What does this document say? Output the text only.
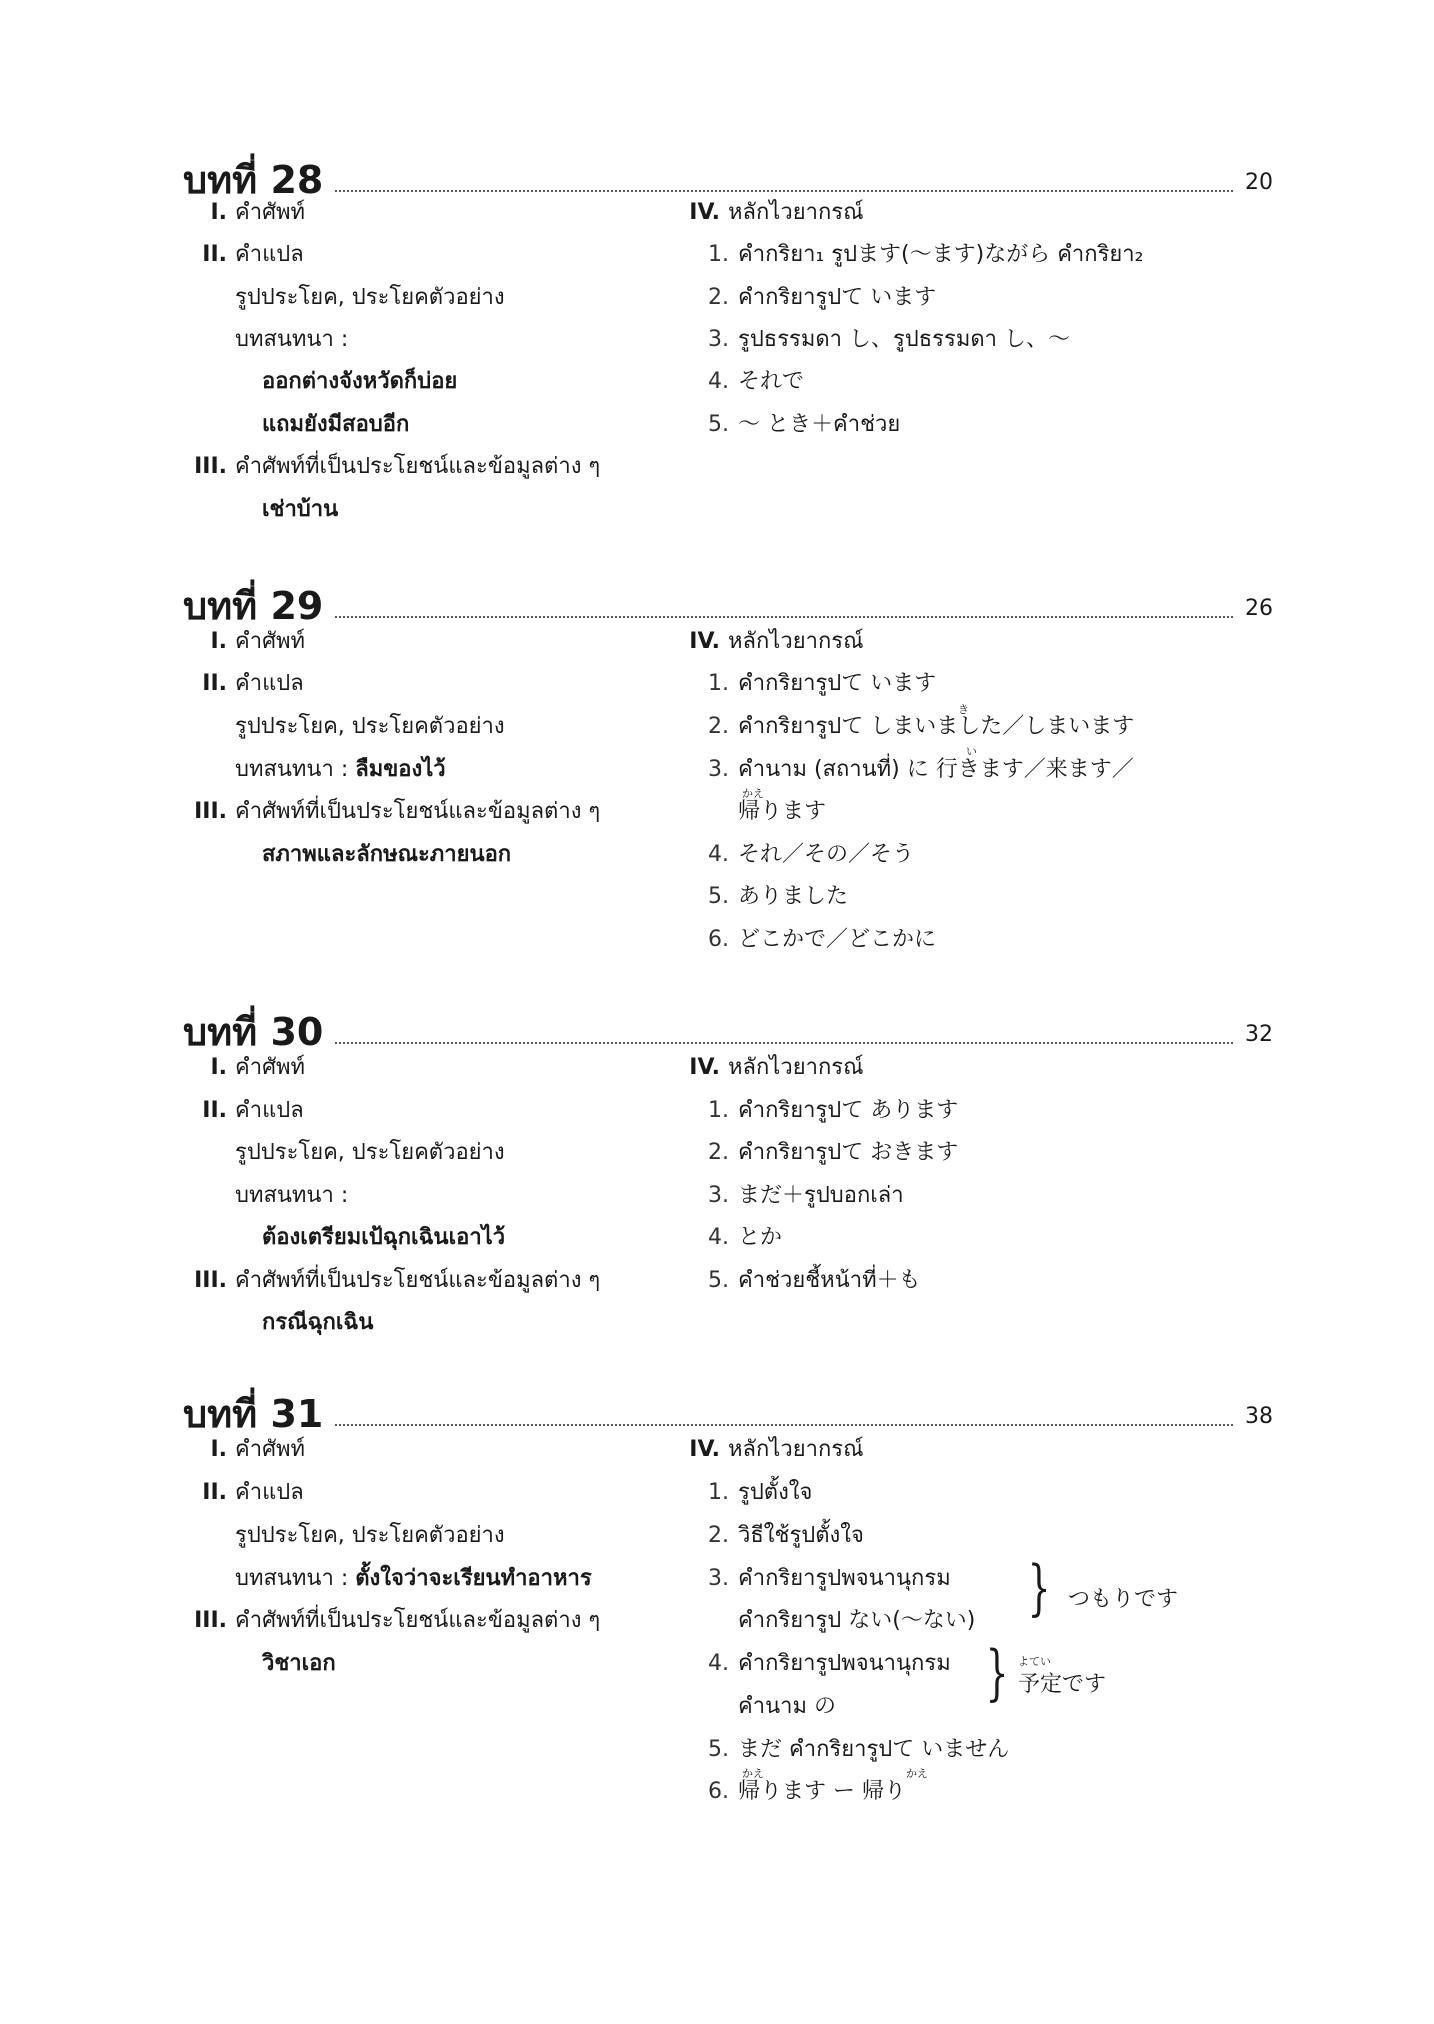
บทที่ 28	20
I. คำศัพท์
II. คำแปล
รูปประโยค, ประโยคตัวอย่าง
บทสนทนา :
ออกต่างจังหวัดก็บ่อย
แถมยังมีสอบอีก
III. คำศัพท์ที่เป็นประโยชน์และข้อมูลต่าง ๆ
เช่าบ้าน
IV. หลักไวยากรณ์
1. คำกริยา₁ รูปます(〜ます)ながら คำกริยา₂
2. คำกริยารูปて います
3. รูปธรรมดา し、รูปธรรมดา し、〜
4. それで
5. 〜 とき＋คำช่วย
บทที่ 29	26
I. คำศัพท์
II. คำแปล
รูปประโยค, ประโยคตัวอย่าง
บทสนทนา : ลืมของไว้
III. คำศัพท์ที่เป็นประโยชน์และข้อมูลต่าง ๆ
สภาพและลักษณะภายนอก
IV. หลักไวยากรณ์
1. คำกริยารูปて います
2. คำกริยารูปて しまいました／しまいます
き
3. คำนาม (สถานที่) に 行きます／来ます／
い
帰ります
かえ
4. それ／その／そう
5. ありました
6. どこかで／どこかに
บทที่ 30	32
I. คำศัพท์
II. คำแปล
รูปประโยค, ประโยคตัวอย่าง
บทสนทนา :
ต้องเตรียมเป้ฉุกเฉินเอาไว้
III. คำศัพท์ที่เป็นประโยชน์และข้อมูลต่าง ๆ
กรณีฉุกเฉิน
IV. หลักไวยากรณ์
1. คำกริยารูปて あります
2. คำกริยารูปて おきます
3. まだ＋รูปบอกเล่า
4. とか
5. คำช่วยชี้หน้าที่＋も
บทที่ 31	38
I. คำศัพท์
II. คำแปล
รูปประโยค, ประโยคตัวอย่าง
บทสนทนา : ตั้งใจว่าจะเรียนทำอาหาร
III. คำศัพท์ที่เป็นประโยชน์และข้อมูลต่าง ๆ
วิชาเอก
IV. หลักไวยากรณ์
1. รูปตั้งใจ
2. วิธีใช้รูปตั้งใจ
3. คำกริยารูปพจนานุกรม
คำกริยารูป ない(〜ない) } つもりです
4. คำกริยารูปพจนานุกรม
คำนาม の } よてい
予定です
5. まだ คำกริยารูปて いません
かえ	かえ
6. 帰ります ー 帰り
